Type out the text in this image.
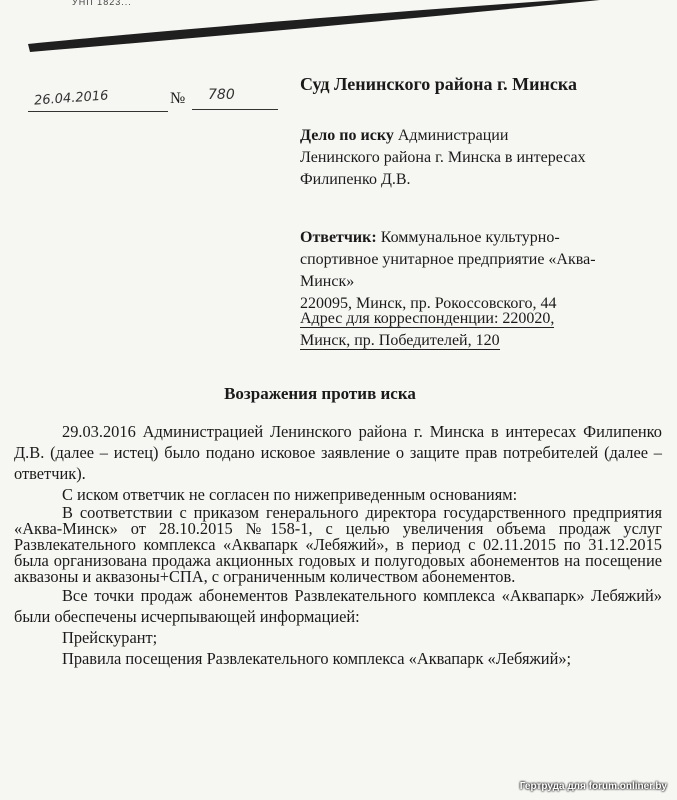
УНП 1823...
26.04.2016	№ 780
Суд Ленинского района г. Минска
Дело по иску Администрации Ленинского района г. Минска в интересах Филипенко Д.В.
Ответчик: Коммунальное культурно-спортивное унитарное предприятие «Аква-Минск»
220095, Минск, пр. Рокоссовского, 44
Адрес для корреспонденции: 220020,
Минск, пр. Победителей, 120
Возражения против иска

29.03.2016 Администрацией Ленинского района г. Минска в интересах Филипенко Д.В. (далее – истец) было подано исковое заявление о защите прав потребителей (далее – ответчик).

С иском ответчик не согласен по нижеприведенным основаниям:

В соответствии с приказом генерального директора государственного предприятия «Аква-Минск» от 28.10.2015 №158-1, с целью увеличения объема продаж услуг Развлекательного комплекса «Аквапарк «Лебяжий», в период с 02.11.2015 по 31.12.2015 была организована продажа акционных годовых и полугодовых абонементов на посещение аквазоны и аквазоны+СПА, с ограниченным количеством абонементов.

Все точки продаж абонементов Развлекательного комплекса «Аквапарк» Лебяжий» были обеспечены исчерпывающей информацией:

Прейскурант;

Правила посещения Развлекательного комплекса «Аквапарк «Лебяжий»;

Гертруда для forum.onliner.by
